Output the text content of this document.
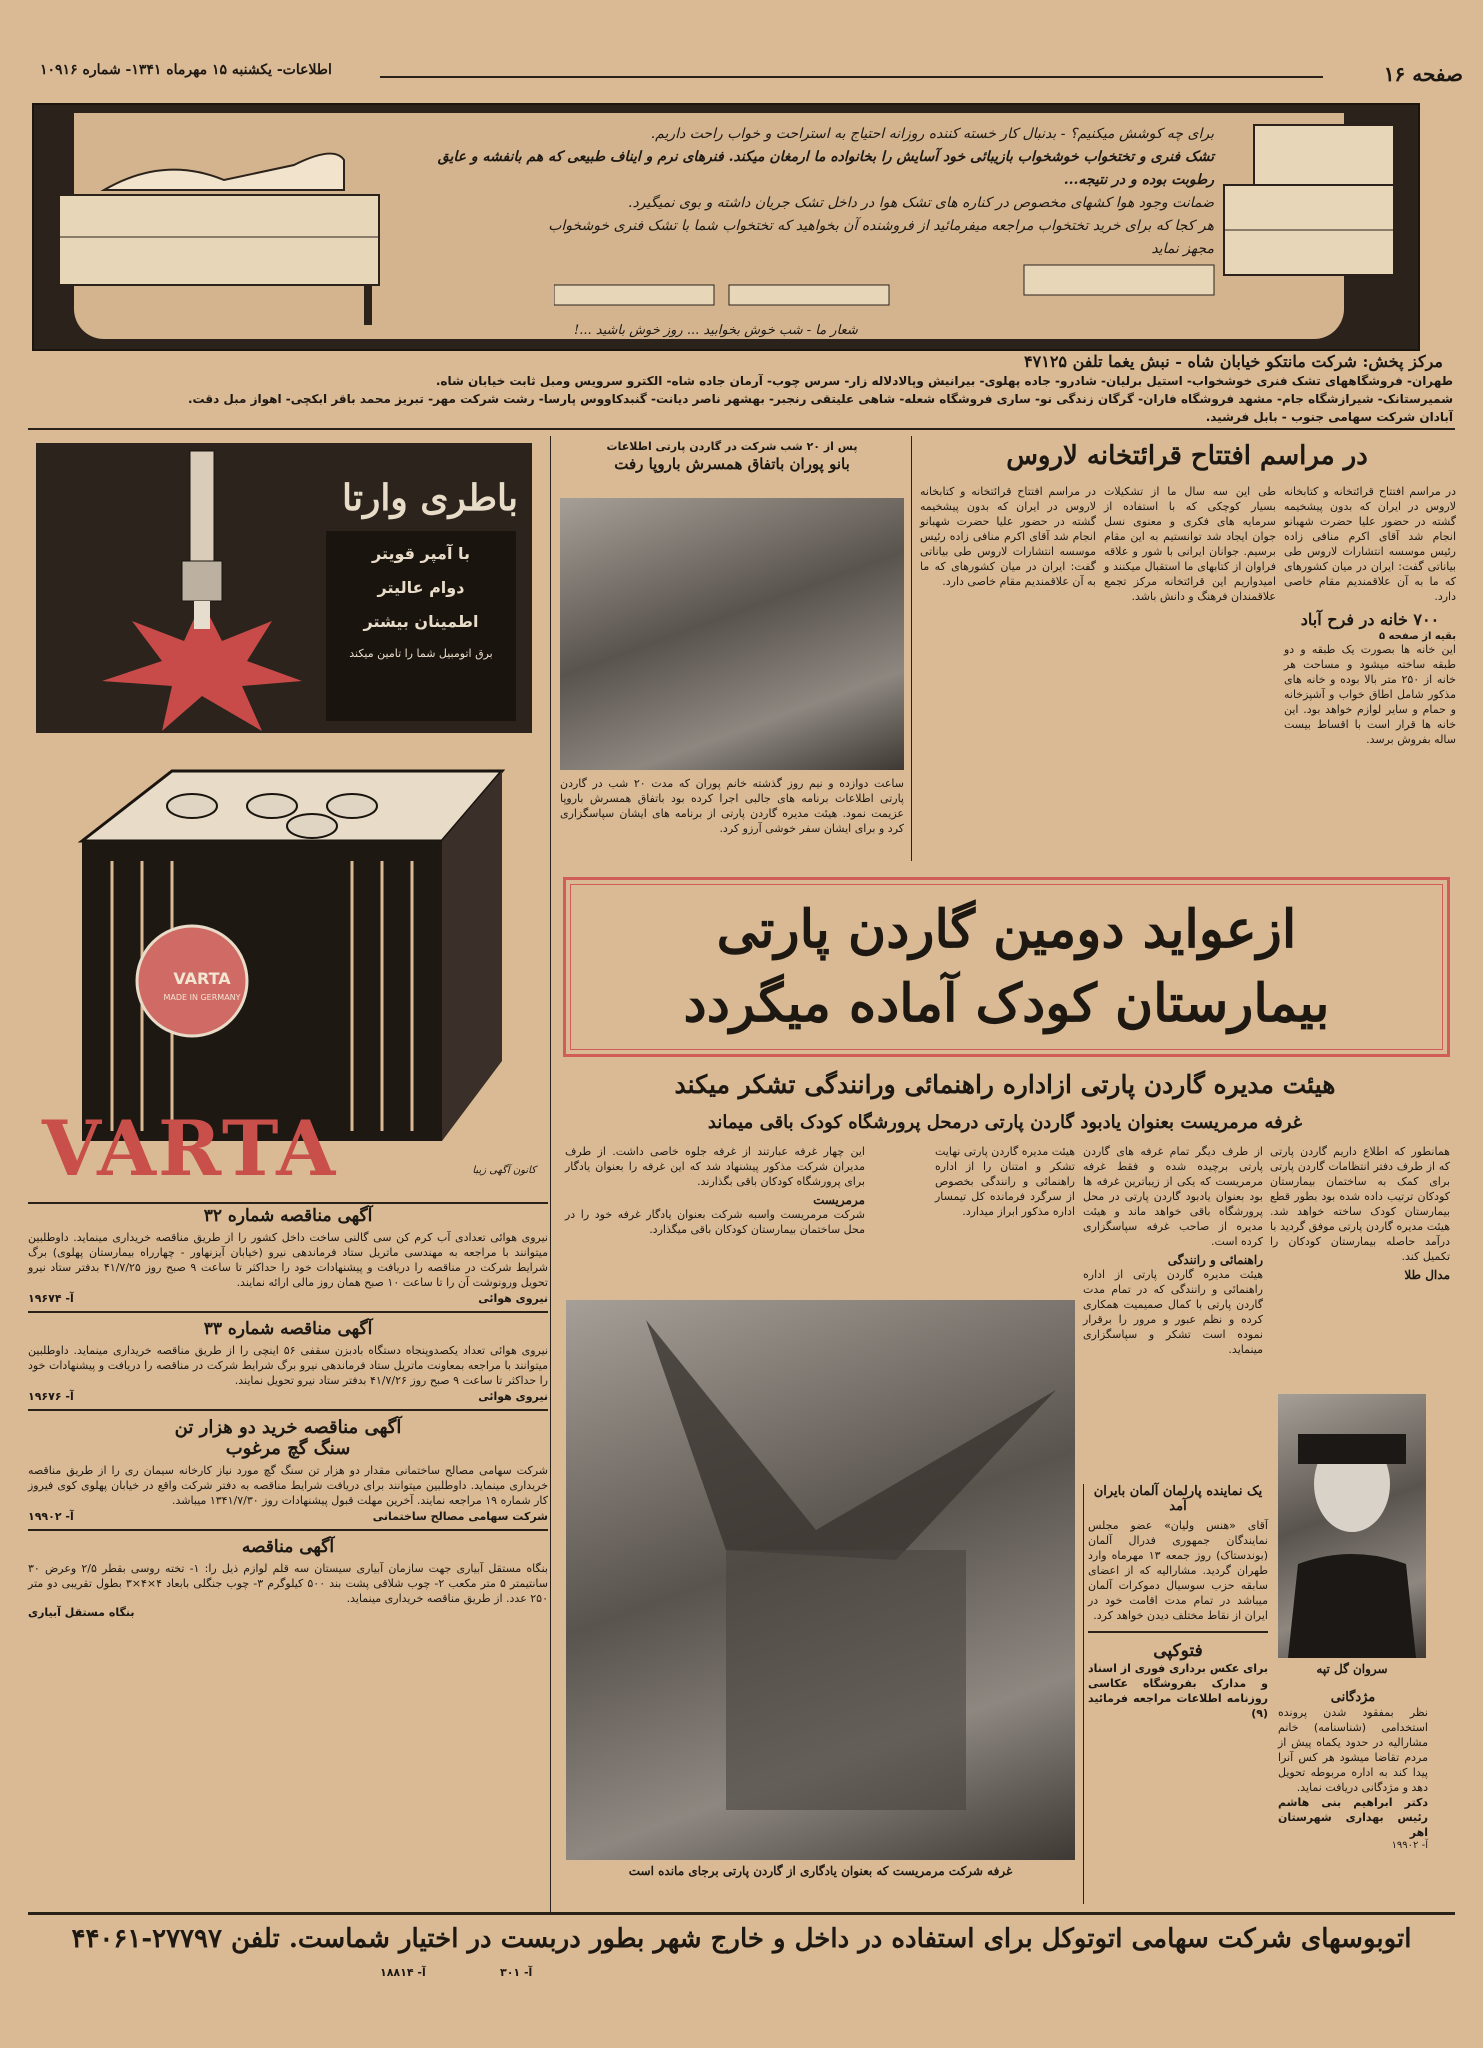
صفحه ۱۶
اطلاعات- یکشنبه ۱۵ مهرماه ۱۳۴۱- شماره ۱۰۹۱۶
برای چه کوشش میکنیم؟ - بدنبال کار خسته کننده روزانه احتیاج به استراحت و خواب راحت داریم.
تشک فنری و تختخواب خوشخواب بازیبائی خود آسایش را بخانواده ما ارمغان میکند. فنرهای نرم و ایناف طبیعی که هم بانفشه و عایق رطوبت بوده و در نتیجه...
ضمانت وجود هوا کشهای مخصوص در کناره های تشک هوا در داخل تشک جریان داشته و بوی نمیگیرد.
هر کجا که برای خرید تختخواب مراجعه میفرمائید از فروشنده آن بخواهید که تختخواب شما با تشک فنری خوشخواب
مجهز نماید
شعار ما - شب خوش بخوابید ... روز خوش باشید ...!
مرکز پخش: شرکت مانتکو خیابان شاه - نبش یغما تلفن ۴۷۱۲۵
طهران- فروشگاههای تشک فنری خوشخواب- استیل برلیان- شادرو- جاده پهلوی- بیرانیش وپالادلاله زار- سرس چوب- آرمان جاده شاه- الکترو سرویس ومبل ثابت خیابان شاه.
شمیرستانک- شیرازشگاه جام- مشهد فروشگاه فاران- گرگان زندگی نو- ساری فروشگاه شعله- شاهی علیتقی رنجبر- بهشهر ناصر دیانت- گنبدکاووس پارسا- رشت شرکت مهر- تبریز محمد باقر ابکچی- اهواز مبل دقت.
آبادان شرکت سهامی جنوب - بابل فرشید.
باطری وارتا
با آمپر قویتر
دوام عالیتر
اطمینان بیشتر
برق اتومبیل شما را تامین میکند
VARTA
MADE IN GERMANY
VARTA	کانون آگهی زیبا
آگهی مناقصه شماره ۳۲

نیروی هوائی تعدادی آب کرم کن سی گالنی ساخت داخل کشور را از طریق مناقصه خریداری مینماید. داوطلبین میتوانند با مراجعه به مهندسی ماتریل ستاد فرماندهی نیرو (خیابان آیزنهاور - چهارراه بیمارستان پهلوی) برگ شرایط شرکت در مناقصه را دریافت و پیشنهادات خود را حداکثر تا ساعت ۹ صبح روز ۴۱/۷/۲۵ بدفتر ستاد نیرو تحویل ورونوشت آن را تا ساعت ۱۰ صبح همان روز مالی ارائه نمایند.

نیروی هوائی
آ- ۱۹۶۷۴
آگهی مناقصه شماره ۳۳

نیروی هوائی تعداد یکصدوپنجاه دستگاه بادبزن سقفی ۵۶ اینچی را از طریق مناقصه خریداری مینماید. داوطلبین میتوانند با مراجعه بمعاونت ماتریل ستاد فرماندهی نیرو برگ شرایط شرکت در مناقصه را دریافت و پیشنهادات خود را حداکثر تا ساعت ۹ صبح روز ۴۱/۷/۲۶ بدفتر ستاد نیرو تحویل نمایند.

نیروی هوائی
آ- ۱۹۶۷۶
آگهی مناقصه خرید دو هزار تن
سنگ گچ مرغوب

شرکت سهامی مصالح ساختمانی مقدار دو هزار تن سنگ گچ مورد نیاز کارخانه سیمان ری را از طریق مناقصه خریداری مینماید. داوطلبین میتوانند برای دریافت شرایط مناقصه به دفتر شرکت واقع در خیابان پهلوی کوی فیروز کار شماره ۱۹ مراجعه نمایند. آخرین مهلت قبول پیشنهادات روز ۱۳۴۱/۷/۳۰ میباشد.

شرکت سهامی مصالح ساختمانی
آ- ۱۹۹۰۲
آگهی مناقصه

بنگاه مستقل آبیاری جهت سازمان آبیاری سیستان سه قلم لوازم ذیل را: ۱- تخته روسی بقطر ۲/۵ وعرض ۳۰ سانتیمتر ۵ متر مکعب ۲- چوب شلاقی پشت بند ۵۰۰ کیلوگرم ۳- چوب جنگلی بابعاد ۴×۴×۳ بطول تقریبی دو متر ۲۵۰ عدد. از طریق مناقصه خریداری مینماید.

بنگاه مستقل آبیاری
در مراسم افتتاح قرائتخانه لاروس

در مراسم افتتاح قرائتخانه و کتابخانه لاروس در ایران که بدون پیشخیمه گشته در حضور علیا حضرت شهبانو انجام شد آقای اکرم منافی زاده رئیس موسسه انتشارات لاروس طی بیاناتی گفت: ایران در میان کشورهای که ما به آن علاقمندیم مقام خاصی دارد.

۷۰۰ خانه در فرح آباد
بقیه از صفحه ۵

این خانه ها بصورت یک طبقه و دو طبقه ساخته میشود و مساحت هر خانه از ۲۵۰ متر بالا بوده و خانه های مذکور شامل اطاق خواب و آشپزخانه و حمام و سایر لوازم خواهد بود. این خانه ها قرار است با اقساط بیست ساله بفروش برسد.

طی این سه سال ما از تشکیلات بسیار کوچکی که با استفاده از سرمایه های فکری و معنوی نسل جوان ایجاد شد توانستیم به این مقام برسیم. جوانان ایرانی با شور و علاقه فراوان از کتابهای ما استقبال میکنند و امیدواریم این قرائتخانه مرکز تجمع علاقمندان فرهنگ و دانش باشد.

در مراسم افتتاح قرائتخانه و کتابخانه لاروس در ایران که بدون پیشخیمه گشته در حضور علیا حضرت شهبانو انجام شد آقای اکرم منافی زاده رئیس موسسه انتشارات لاروس طی بیاناتی گفت: ایران در میان کشورهای که ما به آن علاقمندیم مقام خاصی دارد.

پس از ۲۰ شب شرکت در گاردن پارتی اطلاعات
بانو پوران باتفاق همسرش باروپا رفت

ساعت دوازده و نیم روز گذشته خانم پوران که مدت ۲۰ شب در گاردن پارتی اطلاعات برنامه های جالبی اجرا کرده بود باتفاق همسرش باروپا عزیمت نمود. هیئت مدیره گاردن پارتی از برنامه های ایشان سپاسگزاری کرد و برای ایشان سفر خوشی آرزو کرد.

ازعواید دومین گاردن پارتی
بیمارستان کودک آماده میگردد
هیئت مدیره گاردن پارتی ازاداره راهنمائی ورانندگی تشکر میکند
غرفه مرمریست بعنوان یادبود گاردن پارتی درمحل پرورشگاه کودک باقی میماند

همانطور که اطلاع داریم گاردن پارتی که از طرف دفتر انتظامات گاردن پارتی برای کمک به ساختمان بیمارستان کودکان ترتیب داده شده بود بطور قطع بیمارستان کودک ساخته خواهد شد. هیئت مدیره گاردن پارتی موفق گردید با درآمد حاصله بیمارستان کودکان را تکمیل کند.

مدال طلا

از طرف دیگر تمام غرفه های گاردن پارتی برچیده شده و فقط غرفه مرمریست که یکی از زیباترین غرفه ها بود بعنوان یادبود گاردن پارتی در محل پرورشگاه باقی خواهد ماند و هیئت مدیره از صاحب غرفه سپاسگزاری کرده است.

راهنمائی و رانندگی

هیئت مدیره گاردن پارتی از اداره راهنمائی و رانندگی که در تمام مدت گاردن پارتی با کمال صمیمیت همکاری کرده و نظم عبور و مرور را برقرار نموده است تشکر و سپاسگزاری مینماید.

هیئت مدیره گاردن پارتی نهایت تشکر و امتنان را از اداره راهنمائی و رانندگی بخصوص از سرگرد فرمانده کل تیمسار اداره مذکور ابراز میدارد.

این چهار غرفه عبارتند از غرفه جلوه خاصی داشت. از طرف مدیران شرکت مذکور پیشنهاد شد که این غرفه را بعنوان یادگار برای پرورشگاه کودکان باقی بگذارند.

مرمریست

شرکت مرمریست واسبه شرکت بعنوان یادگار غرفه خود را در محل ساختمان بیمارستان کودکان باقی میگذارد.

غرفه شرکت مرمریست که بعنوان یادگاری از گاردن پارتی برجای مانده است
یک نماینده پارلمان آلمان بایران آمد

آقای «هنس ولیان» عضو مجلس نمایندگان جمهوری فدرال آلمان (بوندستاک) روز جمعه ۱۳ مهرماه وارد طهران گردید. مشارالیه که از اعضای سابقه حزب سوسیال دموکرات آلمان میباشد در تمام مدت اقامت خود در ایران از نقاط مختلف دیدن خواهد کرد.

فتوکپی

برای عکس برداری فوری از اسناد و مدارک بفروشگاه عکاسی روزنامه اطلاعات مراجعه فرمائید (۹)

سروان گل تپه
مژدگانی

نظر بمفقود شدن پرونده استخدامی (شناسنامه) خانم مشارالیه در حدود یکماه پیش از مردم تقاضا میشود هر کس آنرا پیدا کند به اداره مربوطه تحویل دهد و مژدگانی دریافت نماید.

دکتر ابراهیم بنی هاشم رئیس بهداری شهرستان اهر

آ- ۱۹۹۰۲
اتوبوسهای شرکت سهامی اتوتوکل برای استفاده در داخل و خارج شهر بطور دربست در اختیار شماست. تلفن ۲۷۷۹۷-۴۴۰۶۱
آ- ۱۸۸۱۴	آ- ۳۰۱
